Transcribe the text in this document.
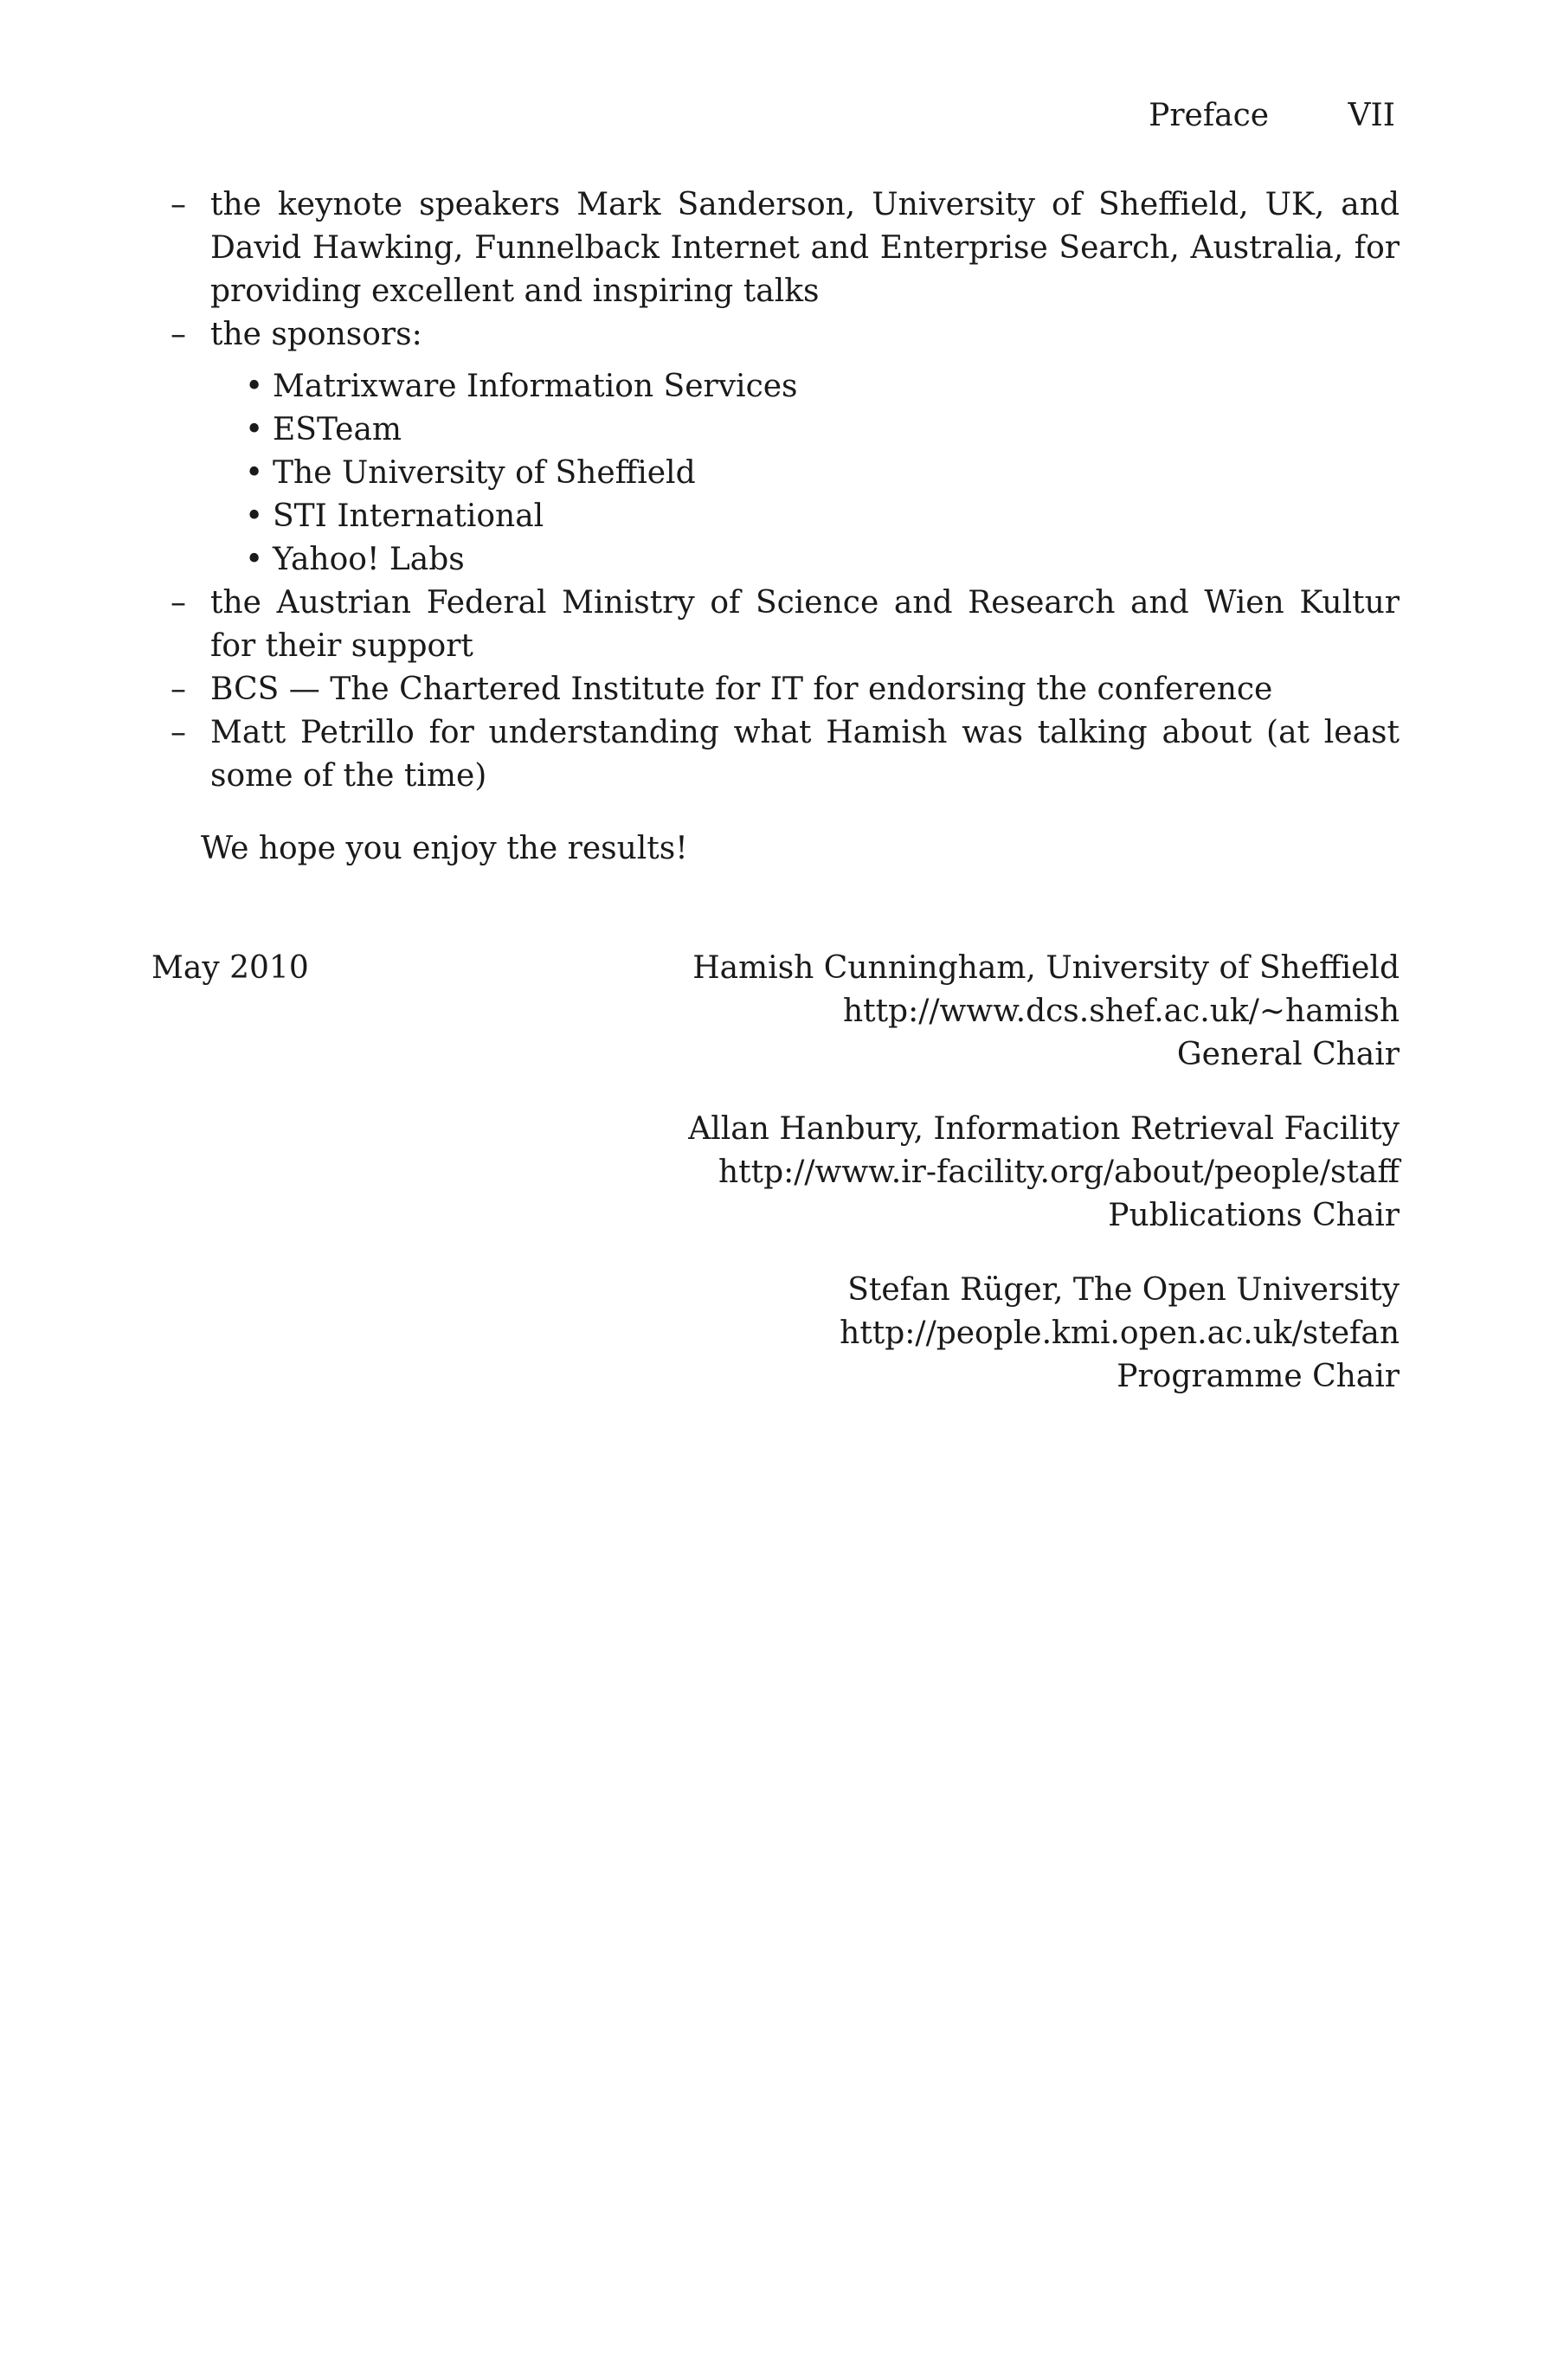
Preface	VII
– the keynote speakers Mark Sanderson, University of Sheffield, UK, and David Hawking, Funnelback Internet and Enterprise Search, Australia, for providing excellent and inspiring talks
– the sponsors:
• Matrixware Information Services
• ESTeam
• The University of Sheffield
• STI International
• Yahoo! Labs
– the Austrian Federal Ministry of Science and Research and Wien Kultur for their support
– BCS — The Chartered Institute for IT for endorsing the conference
– Matt Petrillo for understanding what Hamish was talking about (at least some of the time)
We hope you enjoy the results!
May 2010	Hamish Cunningham, University of Sheffield
http://www.dcs.shef.ac.uk/~hamish
General Chair
Allan Hanbury, Information Retrieval Facility
http://www.ir-facility.org/about/people/staff
Publications Chair
Stefan Rüger, The Open University
http://people.kmi.open.ac.uk/stefan
Programme Chair
